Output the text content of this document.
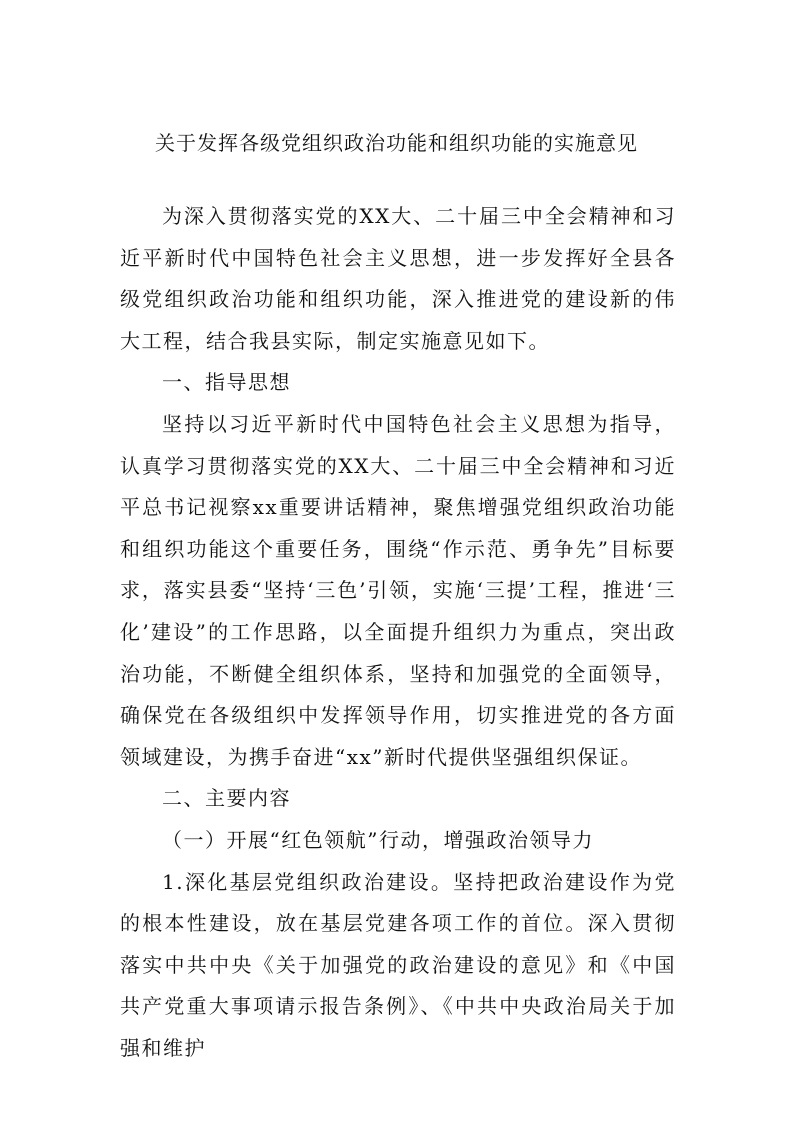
关于发挥各级党组织政治功能和组织功能的实施意见

为深入贯彻落实党的XX大、二十届三中全会精神和习近平新时代中国特色社会主义思想，进一步发挥好全县各级党组织政治功能和组织功能，深入推进党的建设新的伟大工程，结合我县实际，制定实施意见如下。

一、指导思想

坚持以习近平新时代中国特色社会主义思想为指导，认真学习贯彻落实党的XX大、二十届三中全会精神和习近平总书记视察xx重要讲话精神，聚焦增强党组织政治功能和组织功能这个重要任务，围绕“作示范、勇争先”目标要求，落实县委“坚持‘三色’引领，实施‘三提’工程，推进‘三化’建设”的工作思路，以全面提升组织力为重点，突出政治功能，不断健全组织体系，坚持和加强党的全面领导，确保党在各级组织中发挥领导作用，切实推进党的各方面领域建设，为携手奋进“xx”新时代提供坚强组织保证。

二、主要内容

（一）开展“红色领航”行动，增强政治领导力

1.深化基层党组织政治建设。坚持把政治建设作为党的根本性建设，放在基层党建各项工作的首位。深入贯彻落实中共中央《关于加强党的政治建设的意见》和《中国共产党重大事项请示报告条例》、《中共中央政治局关于加强和维护
